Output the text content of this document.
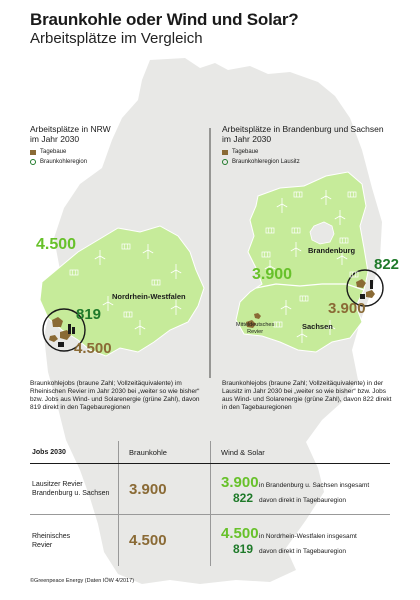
Braunkohle oder Wind und Solar?
Arbeitsplätze im Vergleich
Arbeitsplätze in NRW
im Jahr 2030
Tagebaue
Braunkohleregion
4.500
Nordrhein-Westfalen
819
4.500
Braunkohlejobs (braune Zahl; Vollzeitäquivalente) im
Rheinischen Revier im Jahr 2030 bei „weiter so wie bisher“
bzw. Jobs aus Wind- und Solarenergie (grüne Zahl), davon
819 direkt in den Tagebauregionen
Arbeitsplätze in Brandenburg und Sachsen
im Jahr 2030
Tagebaue
Braunkohleregion Lausitz
3.900
Brandenburg
822
3.900
Sachsen
Mitteldeutsches
Revier
Braunkohlejobs (braune Zahl; Vollzeitäquivalente) in der
Lausitz im Jahr 2030 bei „weiter so wie bisher“ bzw. Jobs
aus Wind- und Solarenergie (grüne Zahl), davon 822 direkt
in den Tagebauregionen
Jobs 2030	Braunkohle	Wind & Solar
Lausitzer Revier
Brandenburg u. Sachsen	3.900	3.900 in Brandenburg u. Sachsen insgesamt
822 davon direkt in Tagebauregion
Rheinisches
Revier	4.500	4.500 in Nordrhein-Westfalen insgesamt
819 davon direkt in Tagebauregion
©Greenpeace Energy (Daten IÖW 4/2017)
